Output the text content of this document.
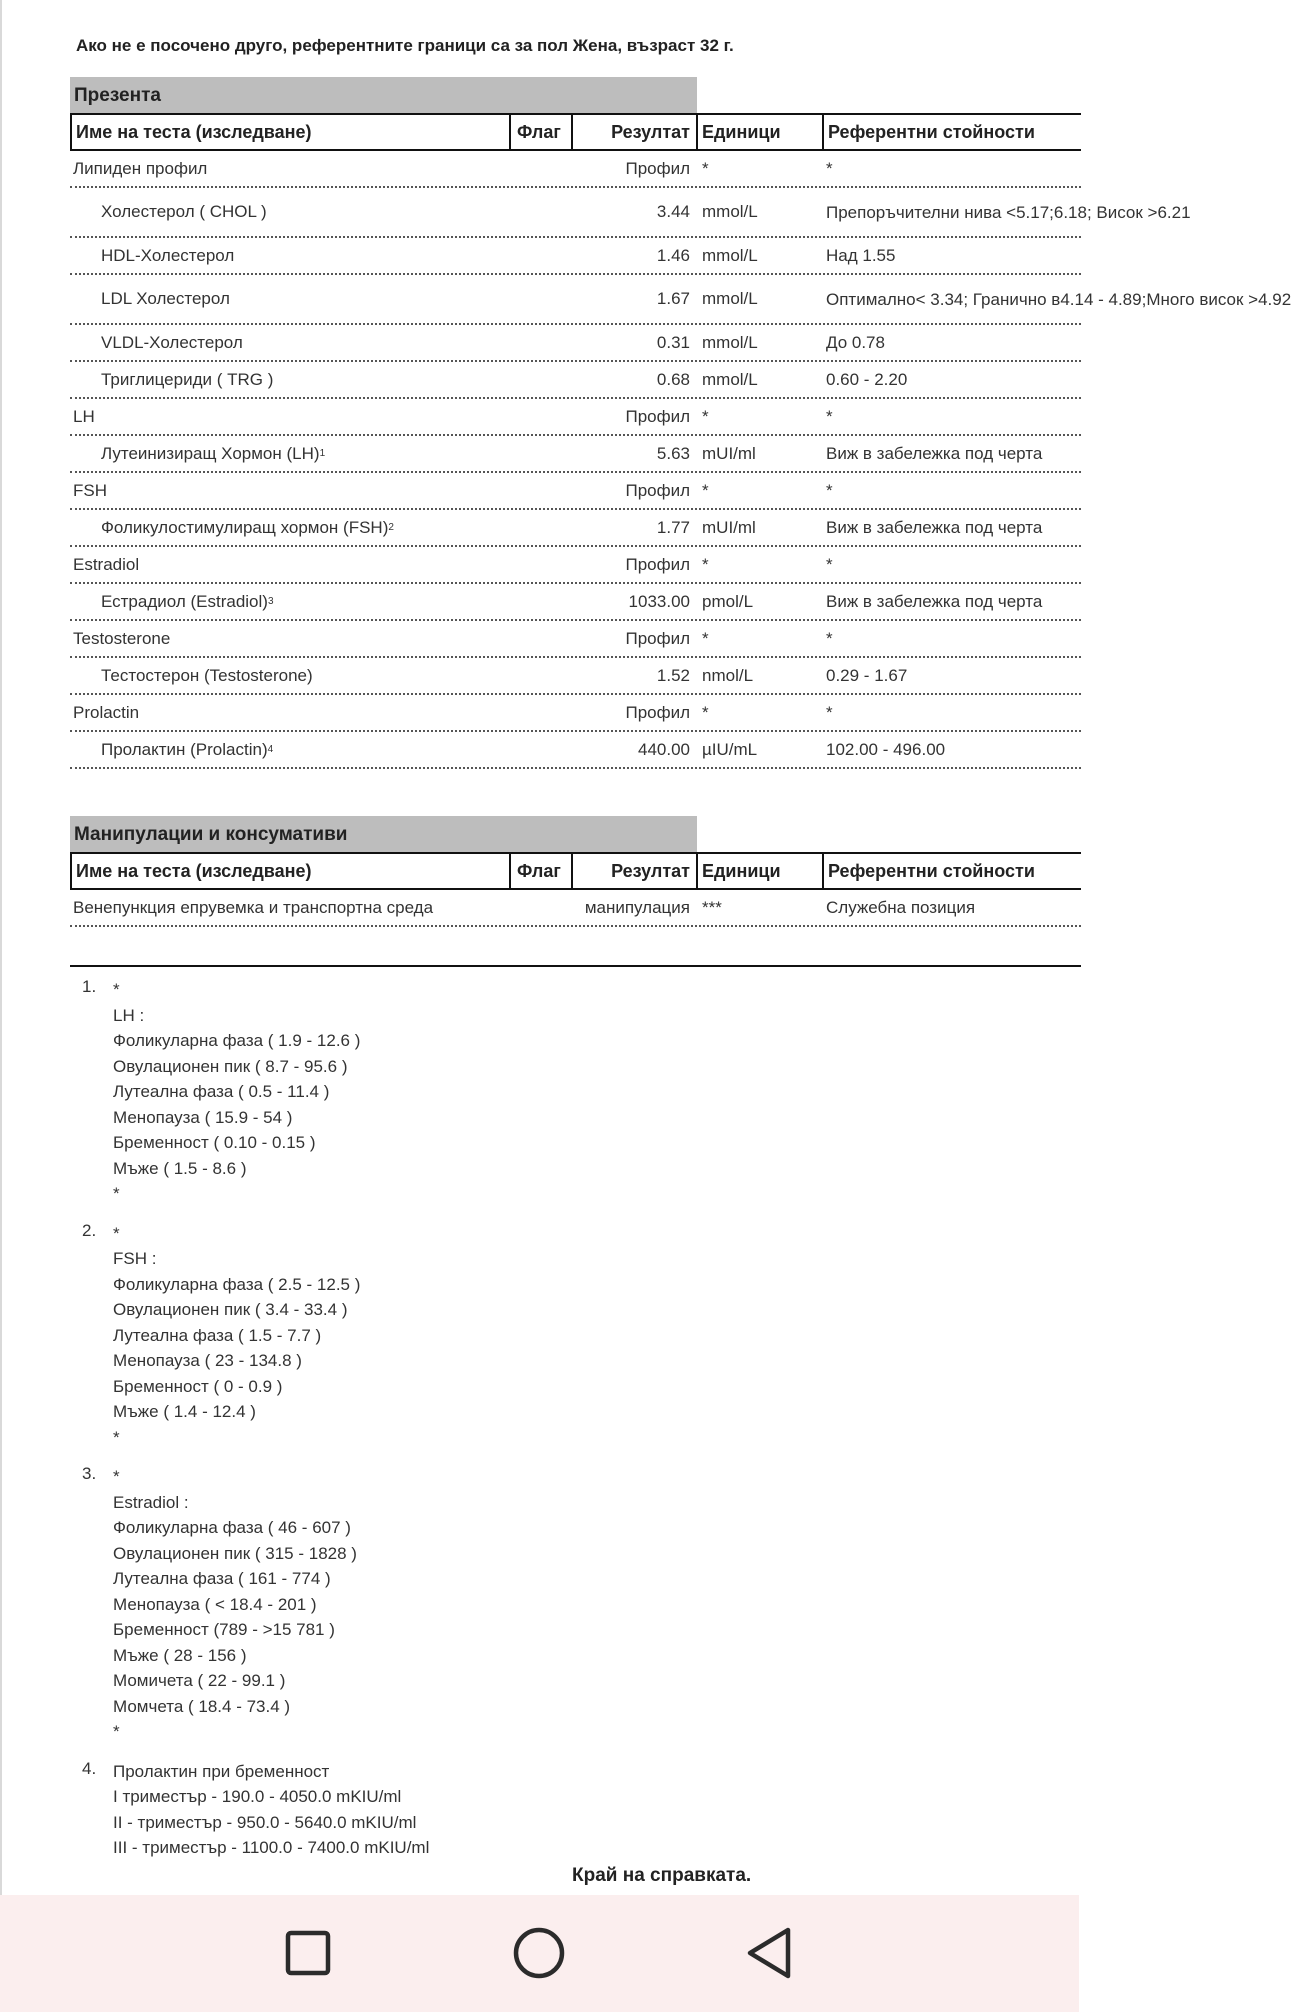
Ако не е посочено друго, референтните граници са за пол Жена, възраст 32 г.
Презента
Име на теста (изследване)	Флаг	Резултат Единици	Референтни стойности
Липиден профил	Профил *	*
Холестерол ( CHOL )	3.44 mmol/L	Препоръчителни нива <5.17; 6.18; Висок >6.21
HDL-Холестерол	1.46 mmol/L	Над 1.55
LDL Холестерол	1.67 mmol/L	Оптимално< 3.34; Гранично в 4.14 - 4.89;Много висок >4.92
VLDL-Холестерол	0.31 mmol/L	До 0.78
Триглицериди ( TRG )	0.68 mmol/L	0.60 - 2.20
LH	Профил *	*
Лутеинизиращ Хормон (LH) 1	5.63 mUI/ml	Виж в забележка под черта
FSH	Профил *	*
Фоликулостимулиращ хормон (FSH) 2	1.77 mUI/ml	Виж в забележка под черта
Estradiol	Профил *	*
Естрадиол (Estradiol) 3	1033.00 pmol/L	Виж в забележка под черта
Testosterone	Профил *	*
Тестостерон (Testosterone)	1.52 nmol/L	0.29 - 1.67
Prolactin	Профил *	*
Пролактин (Prolactin) 4	440.00 µIU/mL	102.00 - 496.00
Манипулации и консумативи
Име на теста (изследване)	Флаг	Резултат Единици	Референтни стойности
Венепункция епрувемка и транспортна среда	манипулация ***	Служебна позиция
1. *
LH :
Фоликуларна фаза ( 1.9 - 12.6 )
Овулационен пик ( 8.7 - 95.6 )
Лутеална фаза ( 0.5 - 11.4 )
Менопауза ( 15.9 - 54 )
Бременност ( 0.10 - 0.15 )
Мъже ( 1.5 - 8.6 )
*
2. *
FSH :
Фоликуларна фаза ( 2.5 - 12.5 )
Овулационен пик ( 3.4 - 33.4 )
Лутеална фаза ( 1.5 - 7.7 )
Менопауза ( 23 - 134.8 )
Бременност ( 0 - 0.9 )
Мъже ( 1.4 - 12.4 )
*
3. *
Estradiol :
Фоликуларна фаза ( 46 - 607 )
Овулационен пик ( 315 - 1828 )
Лутеална фаза ( 161 - 774 )
Менопауза ( < 18.4 - 201 )
Бременност (789 - >15 781 )
Мъже ( 28 - 156 )
Момичета ( 22 - 99.1 )
Момчета ( 18.4 - 73.4 )
*
4. Пролактин при бременност
I триместър - 190.0 - 4050.0 mKIU/ml
II - триместър - 950.0 - 5640.0 mKIU/ml
III - триместър - 1100.0 - 7400.0 mKIU/ml
Край на справката.
